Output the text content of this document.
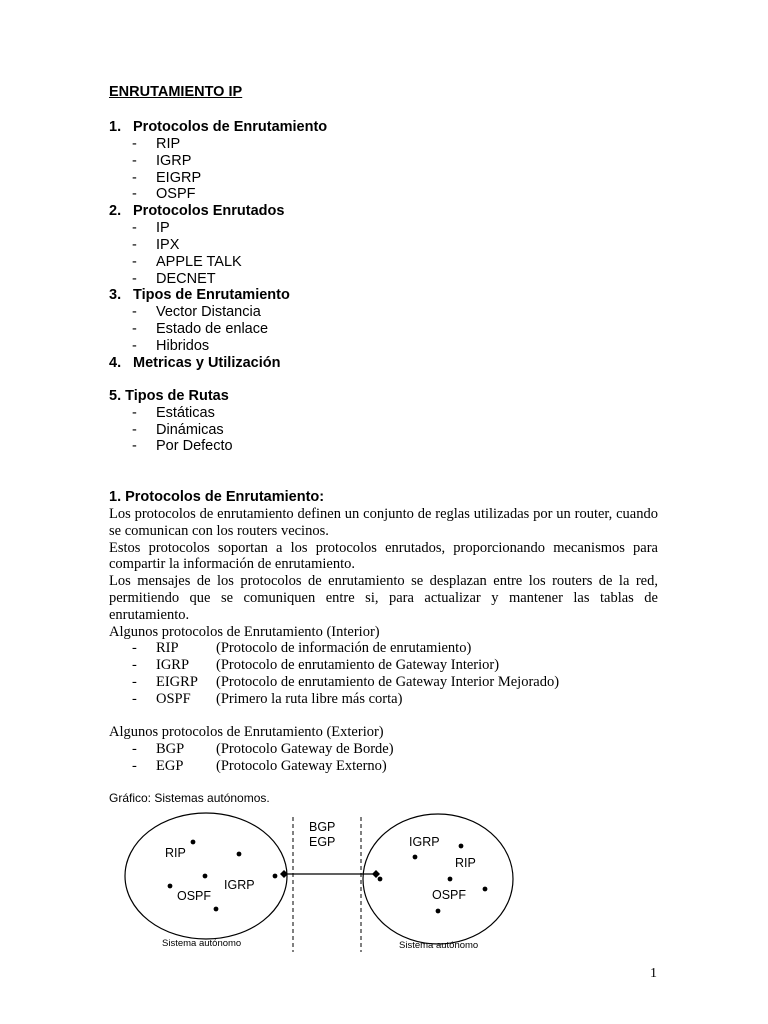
ENRUTAMIENTO IP
1. Protocolos de Enrutamiento
- RIP
- IGRP
- EIGRP
- OSPF
2. Protocolos Enrutados
- IP
- IPX
- APPLE TALK
- DECNET
3. Tipos de Enrutamiento
- Vector Distancia
- Estado de enlace
- Hibridos
4. Metricas y Utilización
5. Tipos de Rutas
- Estáticas
- Dinámicas
- Por Defecto
1. Protocolos de Enrutamiento:
Los protocolos de enrutamiento definen un conjunto de reglas utilizadas por un router, cuando se comunican con los routers vecinos.
Estos protocolos soportan a los protocolos enrutados, proporcionando mecanismos para compartir la información de enrutamiento.
Los mensajes de los protocolos de enrutamiento se desplazan entre los routers de la red, permitiendo que se comuniquen entre si, para actualizar y mantener las tablas de enrutamiento.
Algunos protocolos de Enrutamiento (Interior)
- RIP	(Protocolo de información de enrutamiento)
- IGRP (Protocolo de enrutamiento de Gateway Interior)
- EIGRP (Protocolo de enrutamiento de Gateway Interior Mejorado)
- OSPF (Primero la ruta libre más corta)
Algunos protocolos de Enrutamiento (Exterior)
- BGP (Protocolo Gateway de Borde)
- EGP (Protocolo Gateway Externo)
Gráfico: Sistemas autónomos.
RIP
IGRP
OSPF
Sistema autónomo
IGRP
RIP
OSPF
Sistema autónomo
BGP
EGP
1
